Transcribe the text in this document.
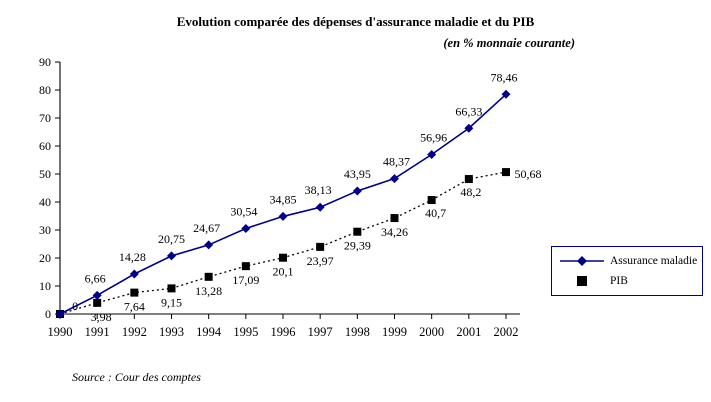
Evolution comparée des dépenses d'assurance maladie et du PIB
(en % monnaie courante)
0
10
20
30
40
50
60
70
80
90
1990 1991 1992 1993 1994 1995 1996 1997 1998 1999 2000 2001 2002
6,66
14,28
20,75
24,67
30,54
34,85
38,13
43,95
48,37
56,96
66,33
78,46
3,98
7,64 9,15
13,28
17,09
20,1
23,97
29,39
34,26
40,7
48,2
50,68
0
Assurance maladie
PIB
Source : Cour des comptes
